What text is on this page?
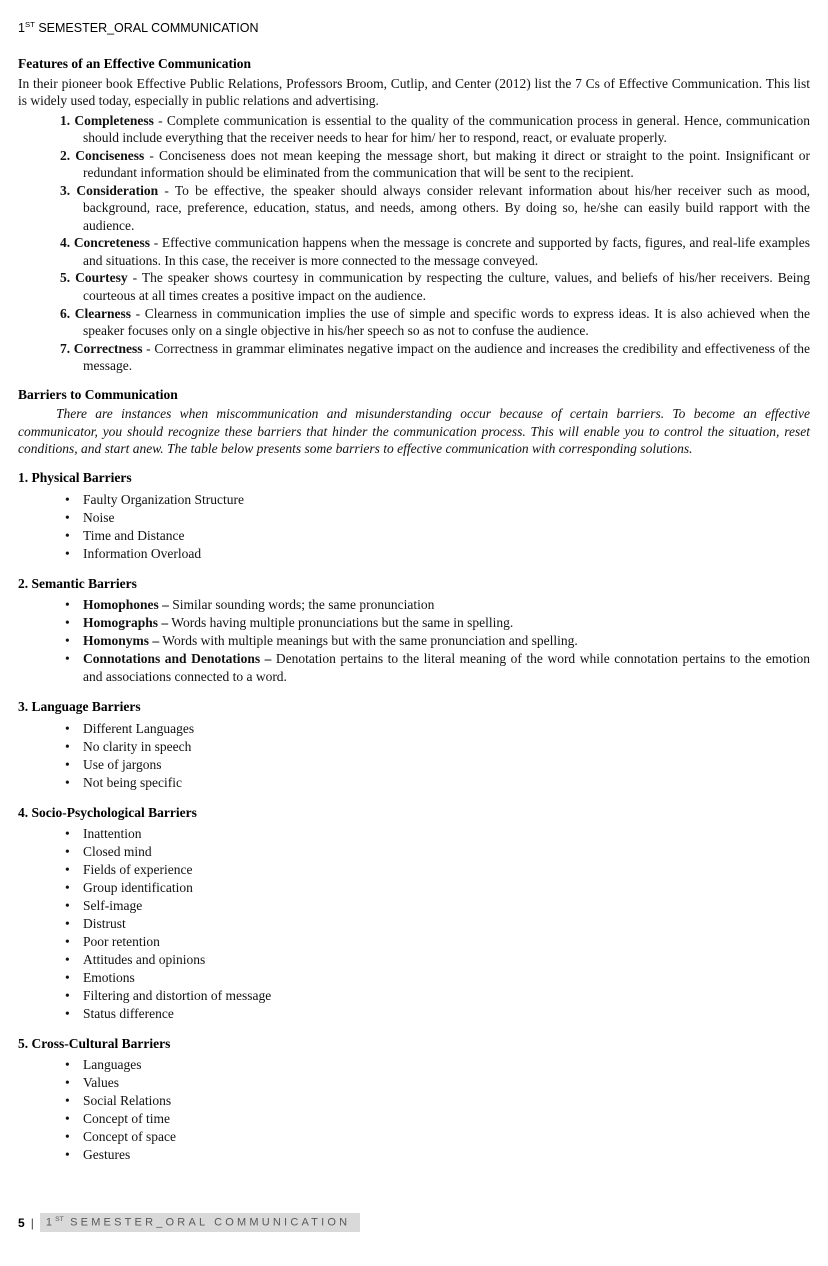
1ST SEMESTER_ORAL COMMUNICATION
Features of an Effective Communication

In their pioneer book Effective Public Relations, Professors Broom, Cutlip, and Center (2012) list the 7 Cs of Effective Communication. This list is widely used today, especially in public relations and advertising.

1. Completeness - Complete communication is essential to the quality of the communication process in general. Hence, communication should include everything that the receiver needs to hear for him/ her to respond, react, or evaluate properly.

2. Conciseness - Conciseness does not mean keeping the message short, but making it direct or straight to the point. Insignificant or redundant information should be eliminated from the communication that will be sent to the recipient.

3. Consideration - To be effective, the speaker should always consider relevant information about his/her receiver such as mood, background, race, preference, education, status, and needs, among others. By doing so, he/she can easily build rapport with the audience.

4. Concreteness - Effective communication happens when the message is concrete and supported by facts, figures, and real-life examples and situations. In this case, the receiver is more connected to the message conveyed.

5. Courtesy - The speaker shows courtesy in communication by respecting the culture, values, and beliefs of his/her receivers. Being courteous at all times creates a positive impact on the audience.

6. Clearness - Clearness in communication implies the use of simple and specific words to express ideas. It is also achieved when the speaker focuses only on a single objective in his/her speech so as not to confuse the audience.

7. Correctness - Correctness in grammar eliminates negative impact on the audience and increases the credibility and effectiveness of the message.

Barriers to Communication

There are instances when miscommunication and misunderstanding occur because of certain barriers. To become an effective communicator, you should recognize these barriers that hinder the communication process. This will enable you to control the situation, reset conditions, and start anew. The table below presents some barriers to effective communication with corresponding solutions.

1. Physical Barriers
• Faulty Organization Structure
• Noise
• Time and Distance
• Information Overload
2. Semantic Barriers
• Homophones – Similar sounding words; the same pronunciation
• Homographs – Words having multiple pronunciations but the same in spelling.
• Homonyms – Words with multiple meanings but with the same pronunciation and spelling.
• Connotations and Denotations – Denotation pertains to the literal meaning of the word while connotation pertains to the emotion and associations connected to a word.
3. Language Barriers
• Different Languages
• No clarity in speech
• Use of jargons
• Not being specific
4. Socio-Psychological Barriers
• Inattention
• Closed mind
• Fields of experience
• Group identification
• Self-image
• Distrust
• Poor retention
• Attitudes and opinions
• Emotions
• Filtering and distortion of message
• Status difference
5. Cross-Cultural Barriers
• Languages
• Values
• Social Relations
• Concept of time
• Concept of space
• Gestures
5 |	1ST SEMESTER_ORAL COMMUNICATION
